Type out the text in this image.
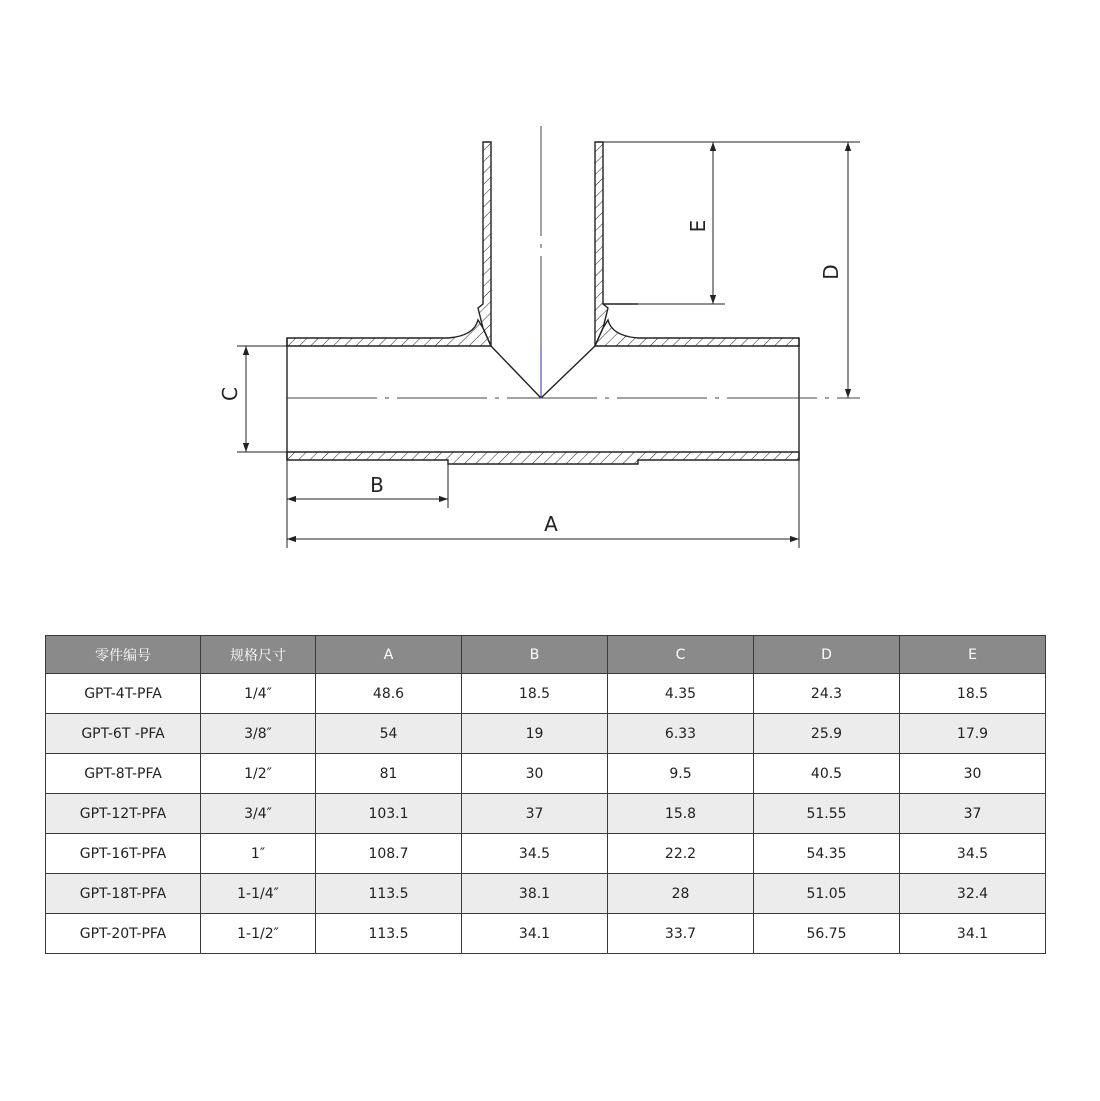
E
D
C
B
A
零件编号	规格尺寸	A	B	C	D	E
GPT-4T-PFA	1/4″	48.6	18.5	4.35	24.3	18.5
GPT-6T -PFA	3/8″	54	19	6.33	25.9	17.9
GPT-8T-PFA	1/2″	81	30	9.5	40.5	30
GPT-12T-PFA	3/4″	103.1	37	15.8	51.55	37
GPT-16T-PFA	1″	108.7	34.5	22.2	54.35	34.5
GPT-18T-PFA	1-1/4″	113.5	38.1	28	51.05	32.4
GPT-20T-PFA	1-1/2″	113.5	34.1	33.7	56.75	34.1
